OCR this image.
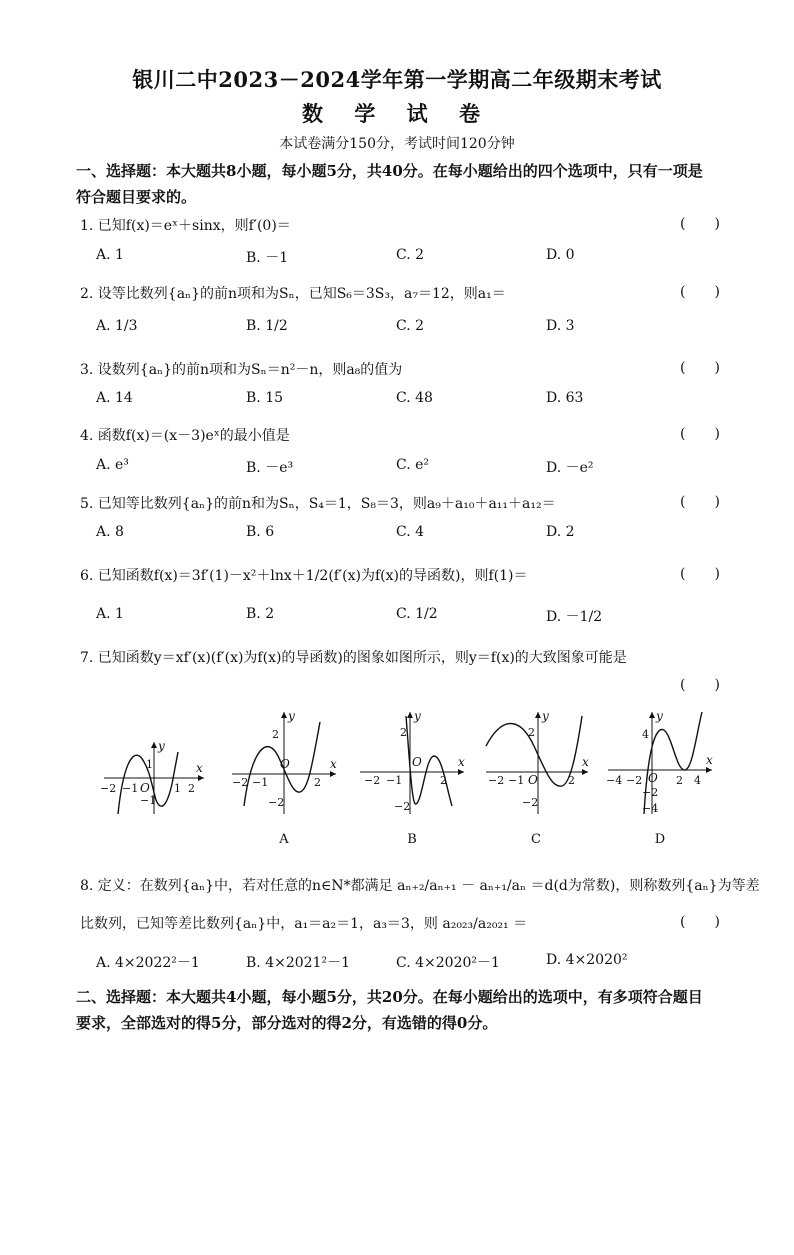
银川二中2023－2024学年第一学期高二年级期末考试
数 学 试 卷
本试卷满分150分，考试时间120分钟
一、选择题：本大题共8小题，每小题5分，共40分。在每小题给出的四个选项中，只有一项是
符合题目要求的。
1. 已知f(x)＝eˣ＋sinx，则f′(0)＝	( )
A. 1	B. －1	C. 2	D. 0
2. 设等比数列{aₙ}的前n项和为Sₙ，已知S₆＝3S₃，a₇＝12，则a₁＝	( )
A. 1/3	B. 1/2	C. 2	D. 3
3. 设数列{aₙ}的前n项和为Sₙ＝n²－n，则a₈的值为	( )
A. 14	B. 15	C. 48	D. 63
4. 函数f(x)＝(x－3)eˣ的最小值是	( )
A. e³	B. －e³	C. e²	D. －e²
5. 已知等比数列{aₙ}的前n和为Sₙ，S₄＝1，S₈＝3，则a₉＋a₁₀＋a₁₁＋a₁₂＝	( )
A. 8	B. 6	C. 4	D. 2
6. 已知函数f(x)＝3f′(1)－x²＋lnx＋1/2(f′(x)为f(x)的导函数)，则f(1)＝	( )
A. 1	B. 2	C. 1/2	D. －1/2
7. 已知函数y＝xf′(x)(f′(x)为f(x)的导函数)的图象如图所示，则y＝f(x)的大致图象可能是
( )
y
x
−2 −1 O 1 2
1
−1
y
x
−2 −1
O
2
2
−2
A
y
x
−2 −1
O
2
2
−2
B
y
x
−2 −1 O	2
2
−2
C
y
x
−4 −2 O 2 4
4
−2
−4
D
8. 定义：在数列{aₙ}中，若对任意的n∈N*都满足 aₙ₊₂/aₙ₊₁ － aₙ₊₁/aₙ ＝d(d为常数)，则称数列{aₙ}为等差
比数列，已知等差比数列{aₙ}中，a₁＝a₂＝1，a₃＝3，则 a₂₀₂₃/a₂₀₂₁ ＝	( )
A. 4×2022²－1	B. 4×2021²－1	C. 4×2020²－1	D. 4×2020²
二、选择题：本大题共4小题，每小题5分，共20分。在每小题给出的选项中，有多项符合题目
要求，全部选对的得5分，部分选对的得2分，有选错的得0分。
